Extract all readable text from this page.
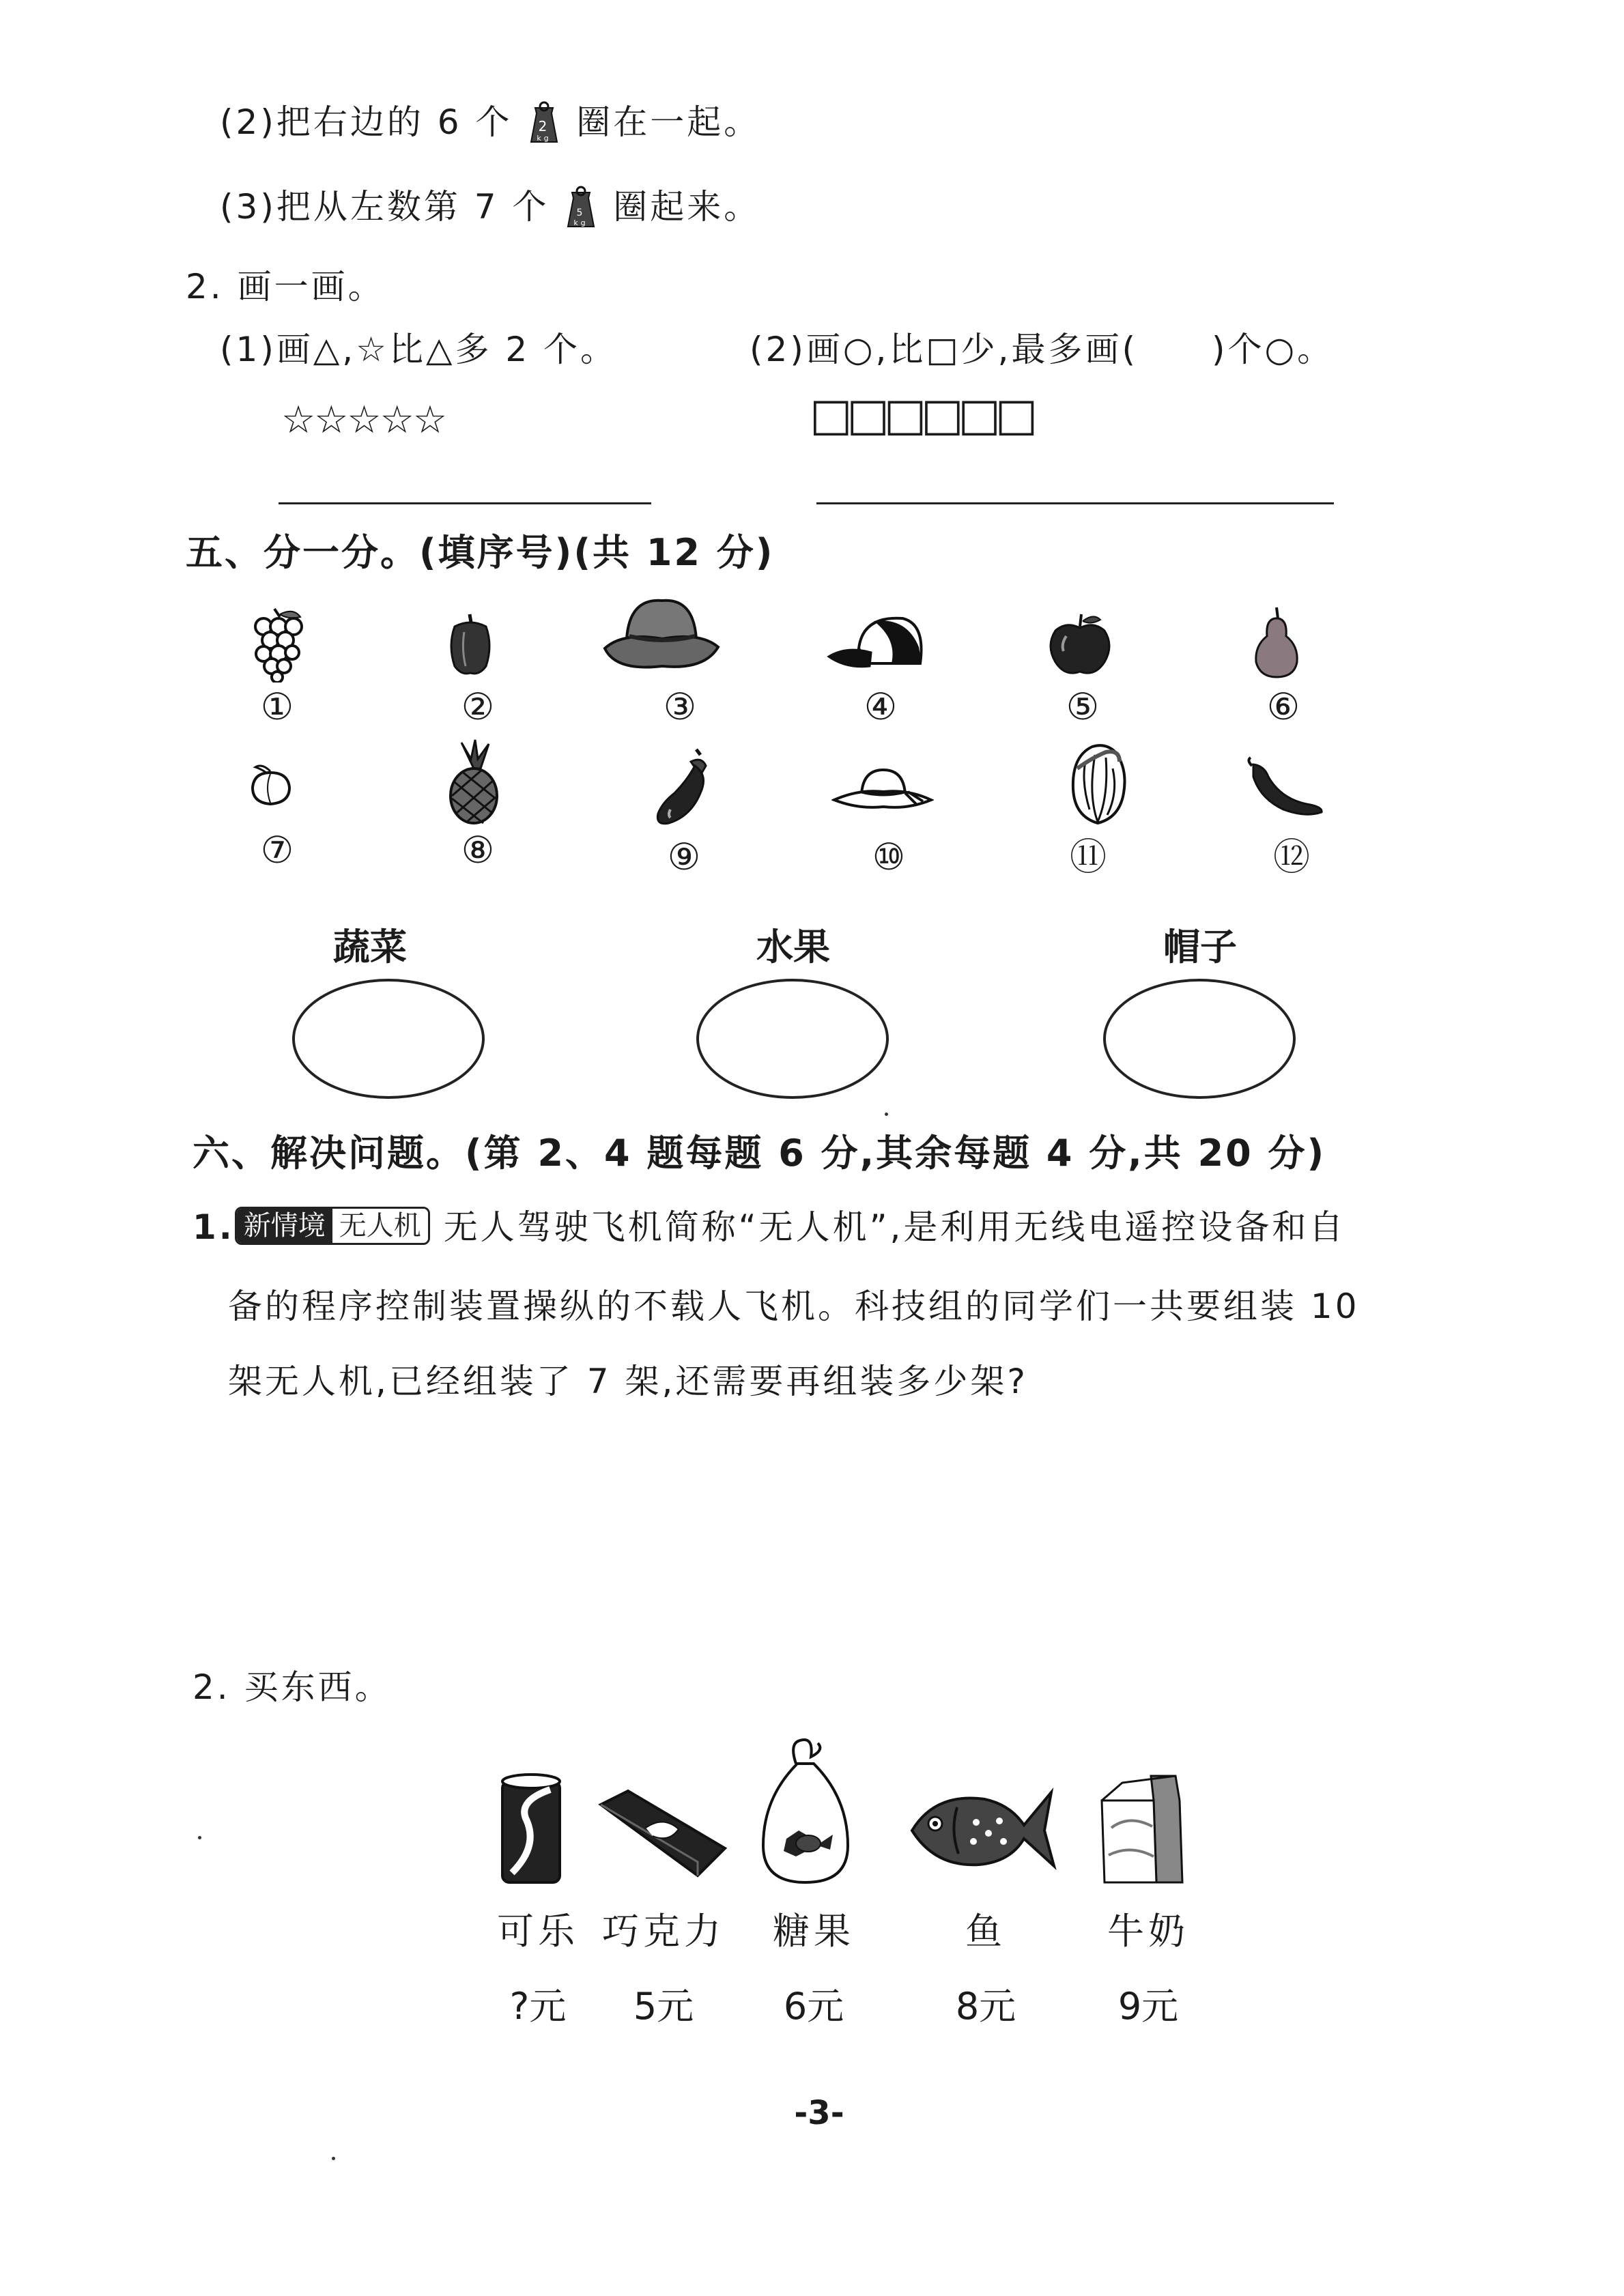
(2)把右边的 6 个 2
kg 圈在一起。
(3)把从左数第 7 个	5
kg 圈起来。
2. 画一画。
(1)画△,☆比△多 2 个。	(2)画○,比□少,最多画(　　)个○。
☆☆☆☆☆	□□□□□□
五、分一分。(填序号)(共 12 分)
①	②	③	④	⑤	⑥
⑦	⑧	⑨	⑩	⑪	⑫
蔬菜	水果	帽子
六、解决问题。(第 2、4 题每题 6 分,其余每题 4 分,共 20 分)
1. 新情境 无人机 无人驾驶飞机简称“无人机”,是利用无线电遥控设备和自
备的程序控制装置操纵的不载人飞机。科技组的同学们一共要组装 10
架无人机,已经组装了 7 架,还需要再组装多少架?
2. 买东西。
可乐 巧克力	糖果	鱼	牛奶
?元	5元	6元	8元	9元
-3-
